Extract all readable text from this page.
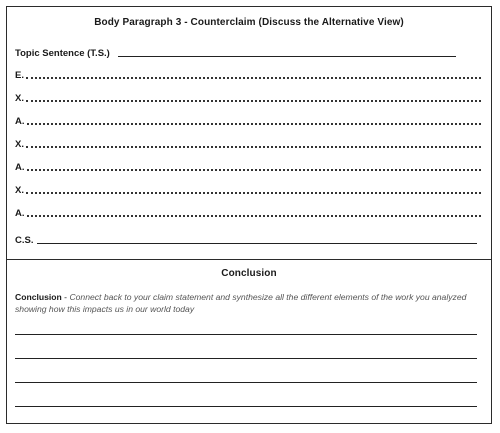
Body Paragraph 3 - Counterclaim (Discuss the Alternative View)
Topic Sentence (T.S.)
E.
X.
A.
X.
A.
X.
A.
C.S.
Conclusion
Conclusion - Connect back to your claim statement and synthesize all the different elements of the work you analyzed showing how this impacts us in our world today
